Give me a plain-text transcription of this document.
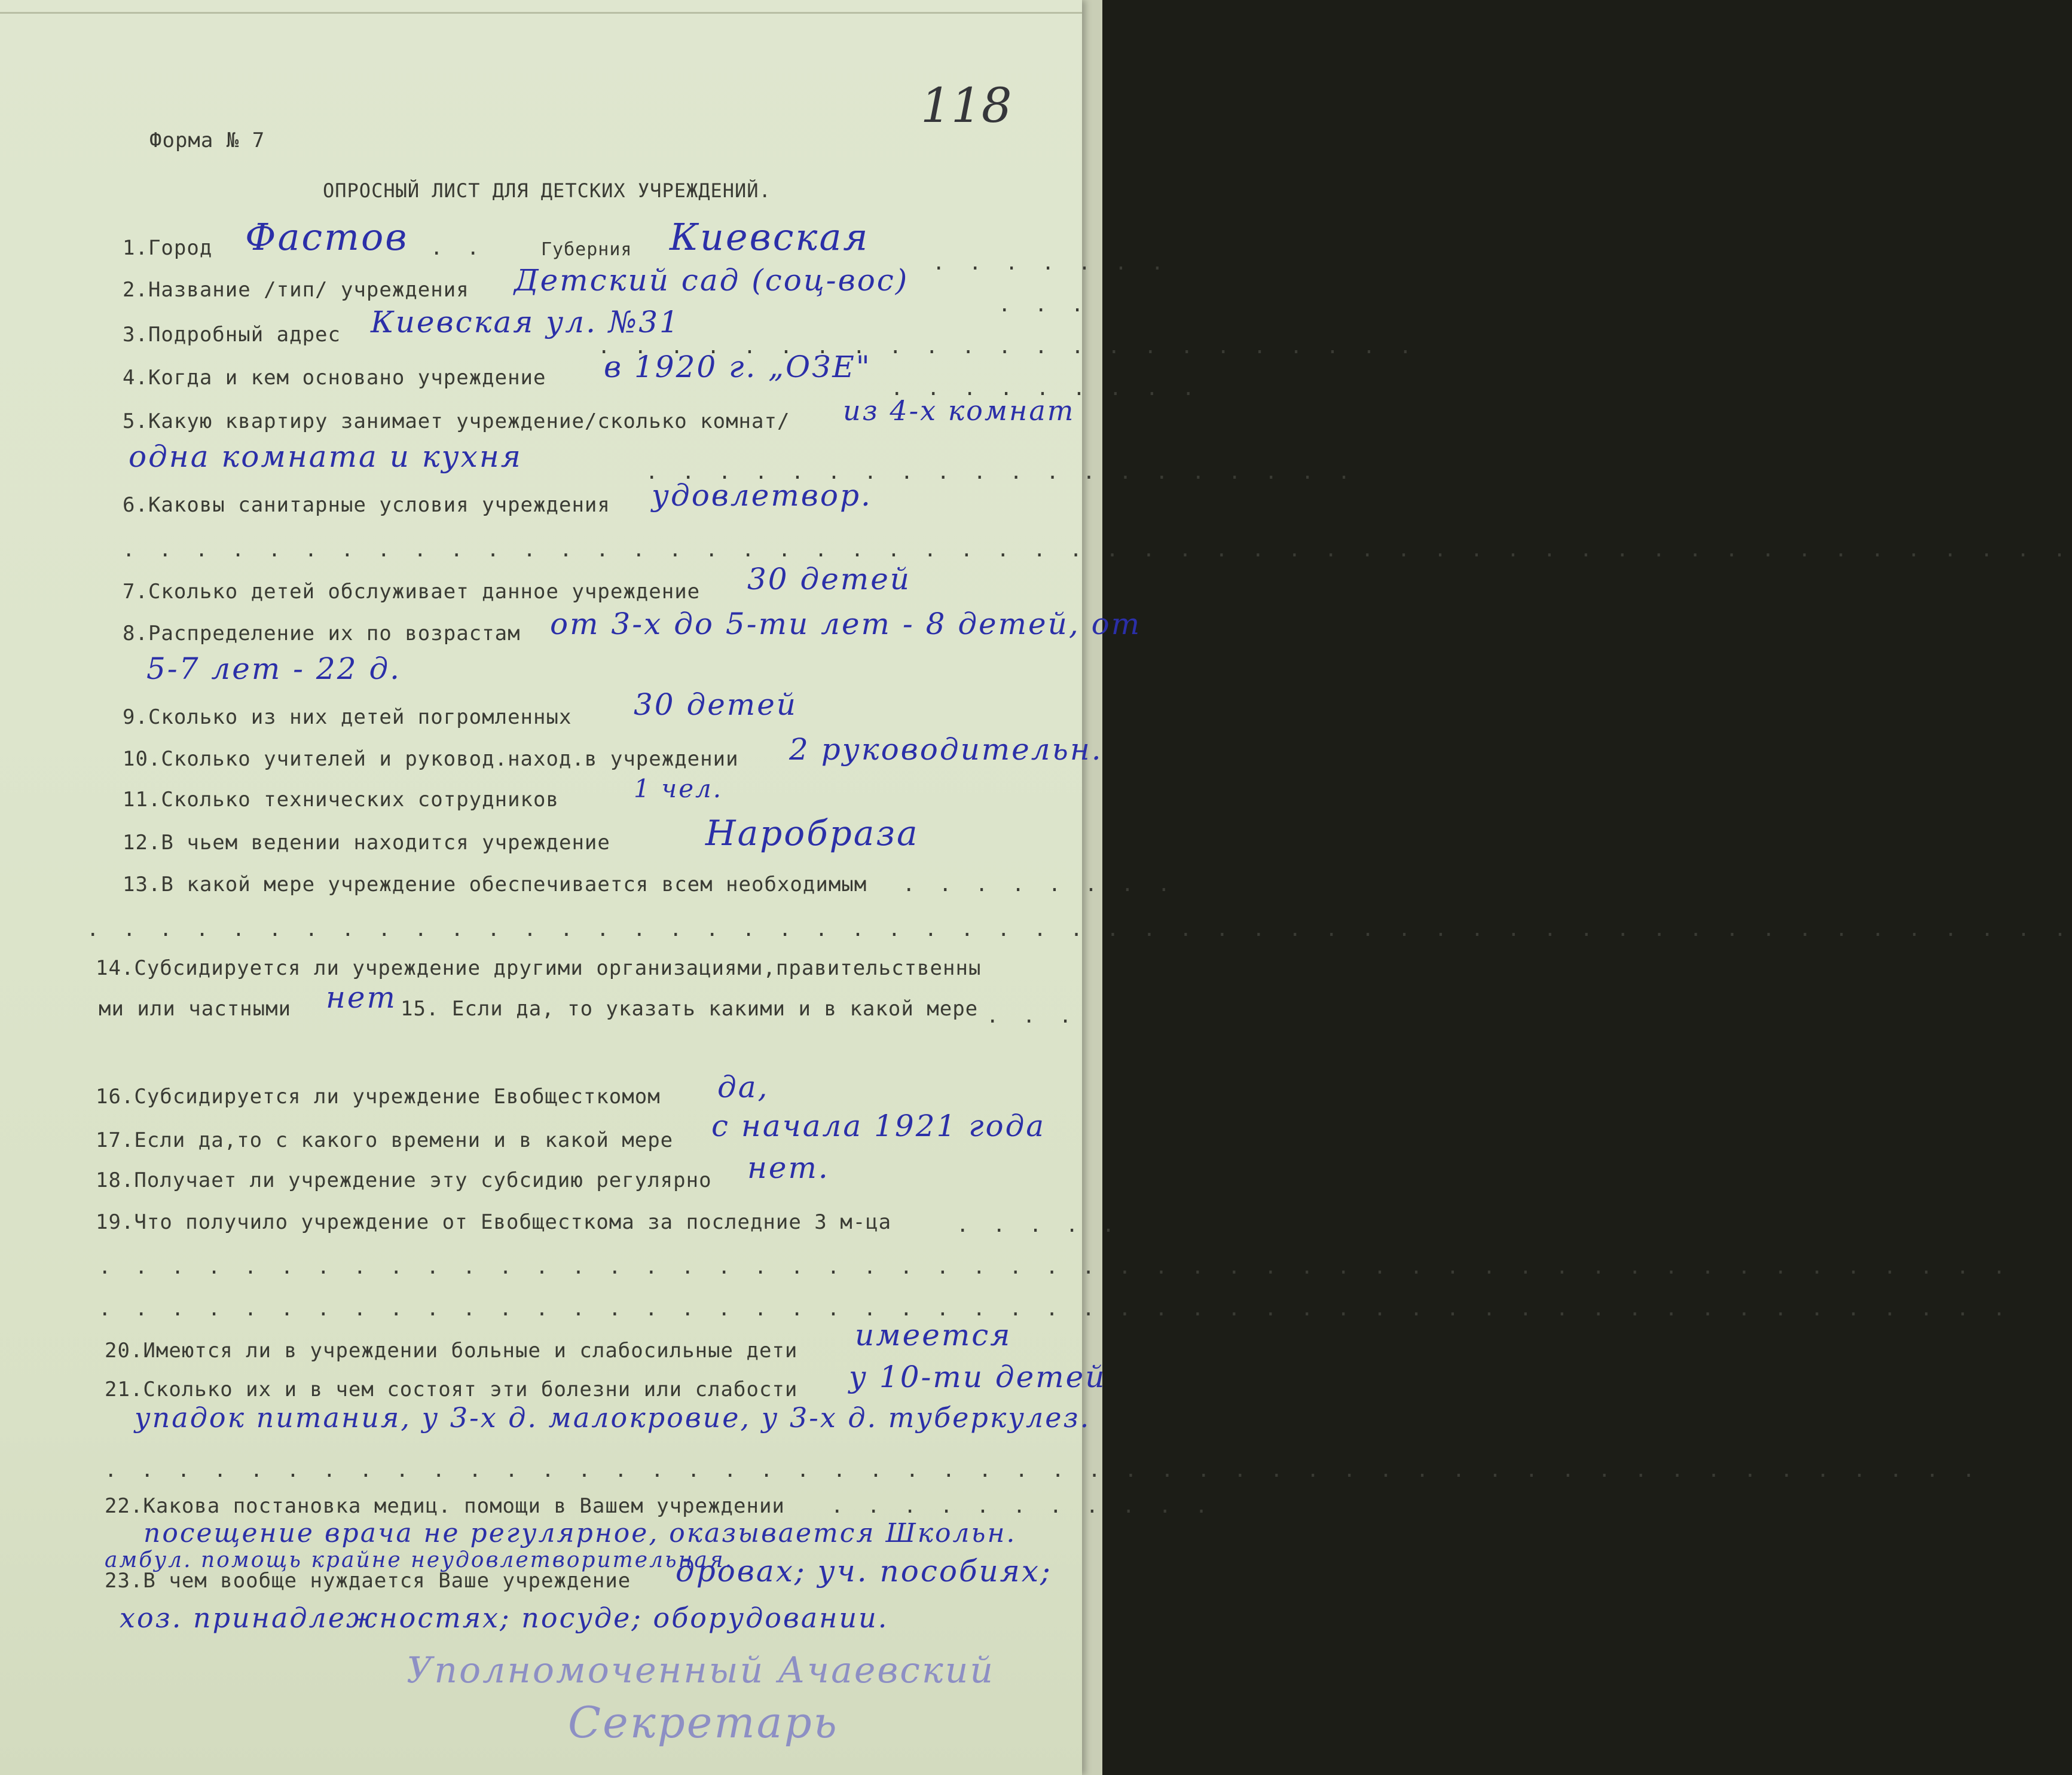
118
Форма № 7
ОПРОСНЫЙ ЛИСТ ДЛЯ ДЕТСКИХ УЧРЕЖДЕНИЙ.
1.Город Фастов . .	Губерния Киевская
. . . . . . .
2.Название /тип/ учреждения Детский сад (соц-вос)
. . .
3.Подробный адрес Киевская ул. №31
. . . . . . . . . . . . . . . . . . . . . . .
4.Когда и кем основано учреждение в 1920 г. „ОЗЕ"
. . . . . . . . .
5.Какую квартиру занимает учреждение/сколько комнат/ из 4-х комнат
одна комната и кухня	. . . . . . . . . . . . . . . . . . . .
6.Каковы санитарные условия учреждения удовлетвор.
. . . . . . . . . . . . . . . . . . . . . . . . . . . . . . . . . . . . . . . . . . . . . . . . . . . . . .
7.Сколько детей обслуживает данное учреждение 30 детей
8.Распределение их по возрастам от 3-х до 5-ти лет - 8 детей, от
5-7 лет - 22 д.
9.Сколько из них детей погромленных 30 детей
10.Сколько учителей и руковод.наход.в учреждении 2 руководительн.
11.Сколько технических сотрудников	1 чел.
12.В чьем ведении находится учреждение	Наробраза
13.В какой мере учреждение обеспечивается всем необходимым . . . . . . . .
. . . . . . . . . . . . . . . . . . . . . . . . . . . . . . . . . . . . . . . . . . . . . . . . . . . . . . .
14.Субсидируется ли учреждение другими организациями,правительственны
ми или частными нет 15. Если да, то указать какими и в какой мере . . .
16.Субсидируется ли учреждение Евобщесткомом да,
17.Если да,то с какого времени и в какой мере с начала 1921 года
18.Получает ли учреждение эту субсидию регулярно нет.
19.Что получило учреждение от Евобщесткома за последние 3 м-ца	. . . . .
. . . . . . . . . . . . . . . . . . . . . . . . . . . . . . . . . . . . . . . . . . . . . . . . . . . . .
. . . . . . . . . . . . . . . . . . . . . . . . . . . . . . . . . . . . . . . . . . . . . . . . . . . . .
20.Имеются ли в учреждении больные и слабосильные дети имеется
21.Сколько их и в чем состоят эти болезни или слабости у 10-ти детей
упадок питания, у 3-х д. малокровие, у 3-х д. туберкулез.
. . . . . . . . . . . . . . . . . . . . . . . . . . . . . . . . . . . . . . . . . . . . . . . . . . . .
22.Какова постановка медиц. помощи в Вашем учреждении . . . . . . . . . . .
посещение врача не регулярное, оказывается Школьн.
амбул. помощь крайне неудовлетворительная.
23.В чем вообще нуждается Ваше учреждение дровах; уч. пособиях;
хоз. принадлежностях; посуде; оборудовании.
Уполномоченный Ачаевский
Секретарь
